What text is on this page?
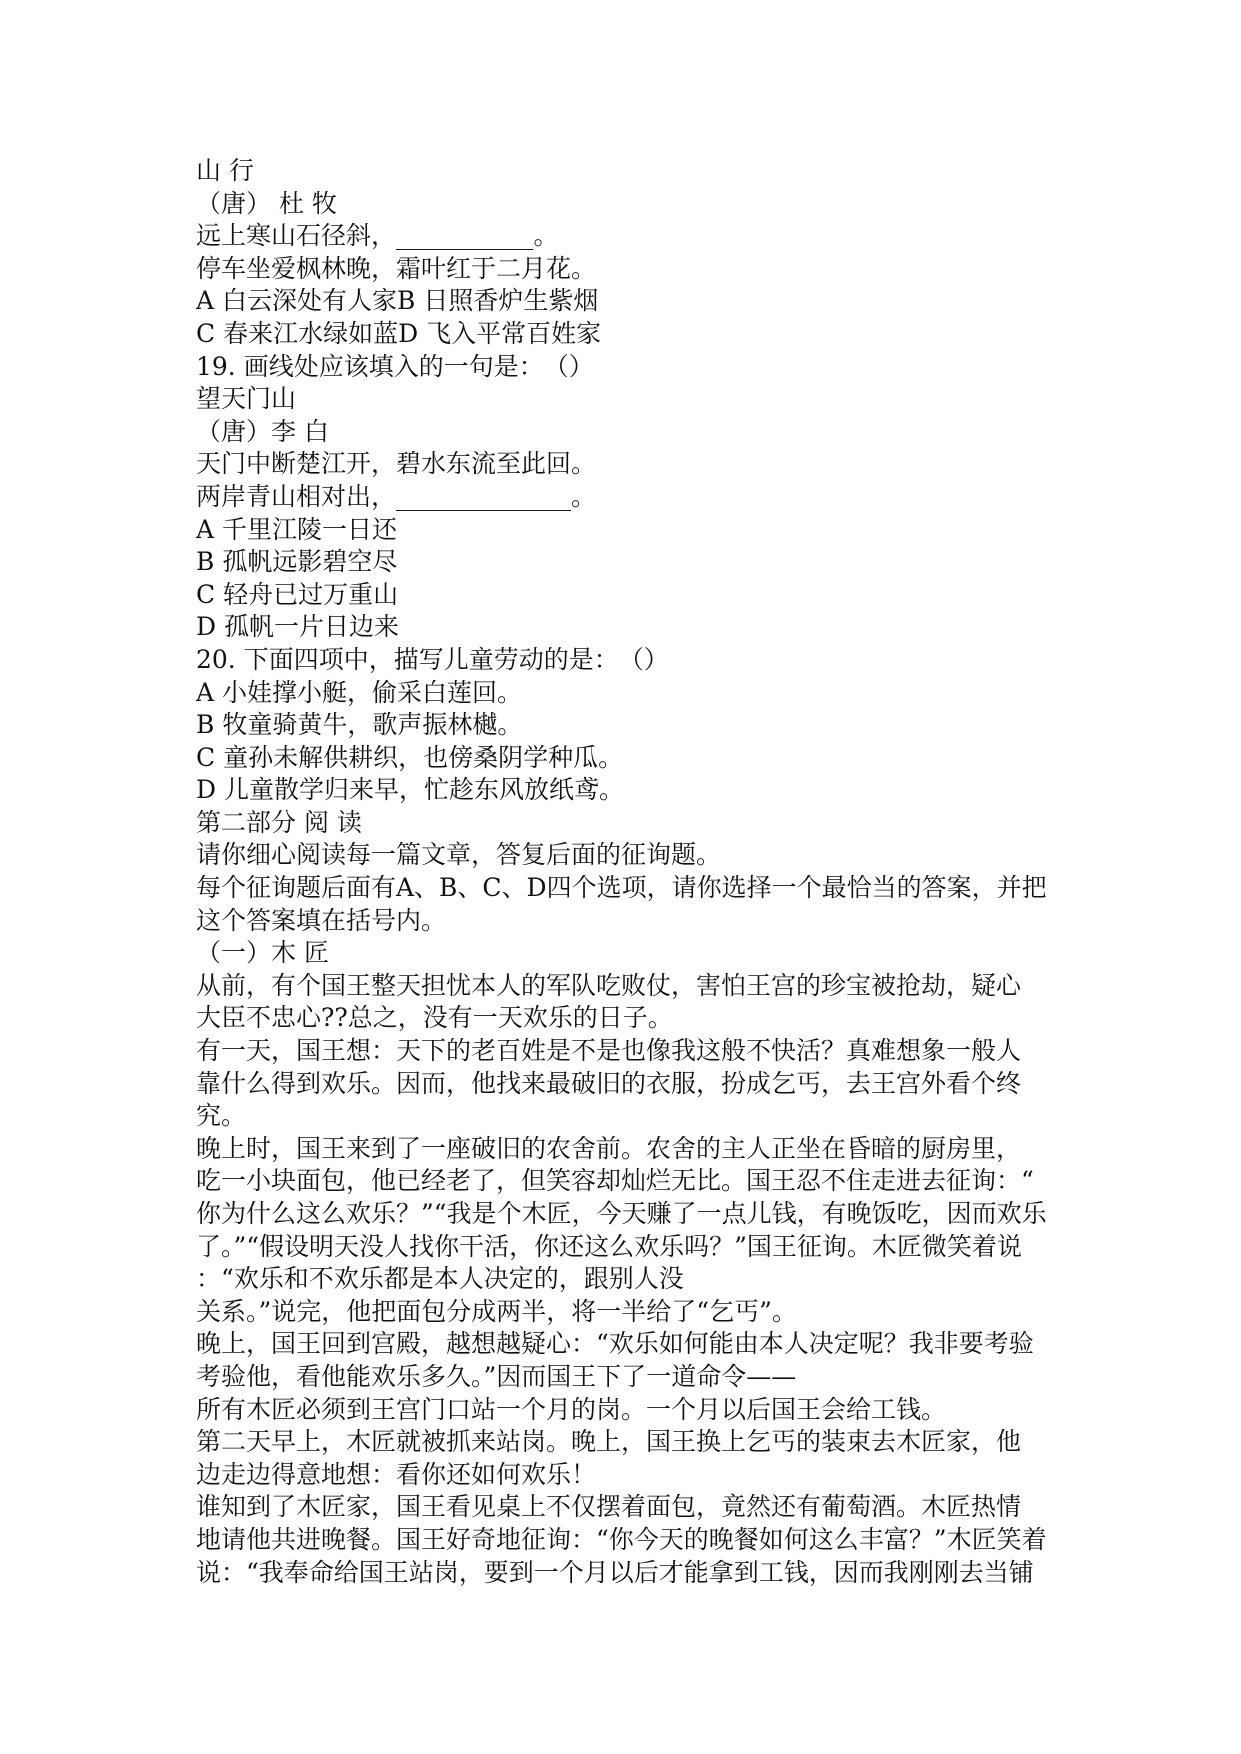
山 行
（唐） 杜 牧
远上寒山石径斜，___________。
停车坐爱枫林晚，霜叶红于二月花。
A 白云深处有人家B 日照香炉生紫烟
C 春来江水绿如蓝D 飞入平常百姓家
19. 画线处应该填入的一句是：　（）
望天门山
（唐）李 白
天门中断楚江开，碧水东流至此回。
两岸青山相对出，______________。
A 千里江陵一日还
B 孤帆远影碧空尽
C 轻舟已过万重山
D 孤帆一片日边来
20. 下面四项中，描写儿童劳动的是：　（）
A 小娃撑小艇，偷采白莲回。
B 牧童骑黄牛，歌声振林樾。
C 童孙未解供耕织，也傍桑阴学种瓜。
D 儿童散学归来早，忙趁东风放纸鸢。
第二部分 阅 读
请你细心阅读每一篇文章，答复后面的征询题。
每个征询题后面有A、B、C、D四个选项，请你选择一个最恰当的答案，并把
这个答案填在括号内。
（一）木 匠
从前，有个国王整天担忧本人的军队吃败仗，害怕王宫的珍宝被抢劫，疑心
大臣不忠心??总之，没有一天欢乐的日子。
有一天，国王想：天下的老百姓是不是也像我这般不快活？真难想象一般人
靠什么得到欢乐。因而，他找来最破旧的衣服，扮成乞丐，去王宫外看个终
究。
晚上时，国王来到了一座破旧的农舍前。农舍的主人正坐在昏暗的厨房里，
吃一小块面包，他已经老了，但笑容却灿烂无比。国王忍不住走进去征询：“
你为什么这么欢乐？”“我是个木匠，今天赚了一点儿钱，有晚饭吃，因而欢乐
了。”“假设明天没人找你干活，你还这么欢乐吗？”国王征询。木匠微笑着说
：“欢乐和不欢乐都是本人决定的，跟别人没
关系。”说完，他把面包分成两半，将一半给了“乞丐”。
晚上，国王回到宫殿，越想越疑心：“欢乐如何能由本人决定呢？我非要考验
考验他，看他能欢乐多久。”因而国王下了一道命令——
所有木匠必须到王宫门口站一个月的岗。一个月以后国王会给工钱。
第二天早上，木匠就被抓来站岗。晚上，国王换上乞丐的装束去木匠家，他
边走边得意地想：看你还如何欢乐！
谁知到了木匠家，国王看见桌上不仅摆着面包，竟然还有葡萄酒。木匠热情
地请他共进晚餐。国王好奇地征询：“你今天的晚餐如何这么丰富？”木匠笑着
说：“我奉命给国王站岗，要到一个月以后才能拿到工钱，因而我刚刚去当铺
